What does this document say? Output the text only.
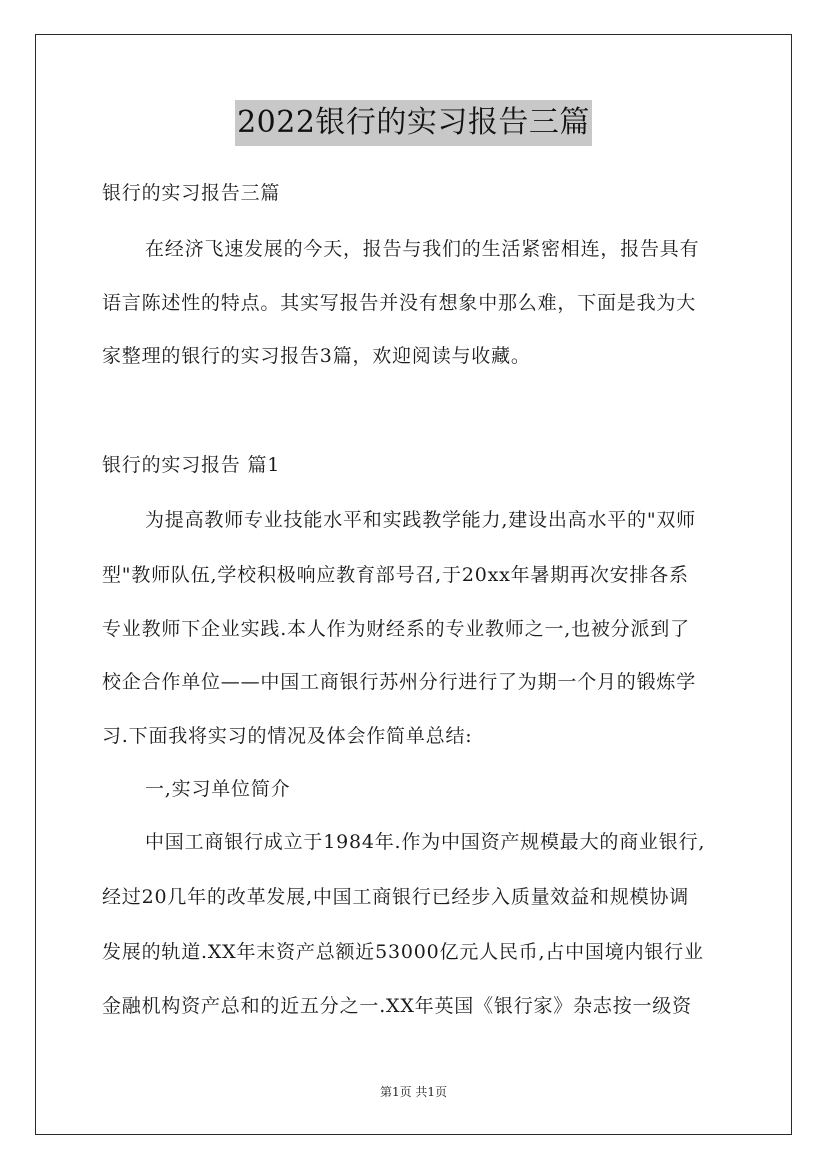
2022银行的实习报告三篇
银行的实习报告三篇
在经济飞速发展的今天，报告与我们的生活紧密相连，报告具有
语言陈述性的特点。其实写报告并没有想象中那么难，下面是我为大
家整理的银行的实习报告3篇，欢迎阅读与收藏。
银行的实习报告 篇1
为提高教师专业技能水平和实践教学能力,建设出高水平的"双师
型"教师队伍,学校积极响应教育部号召,于20xx年暑期再次安排各系
专业教师下企业实践.本人作为财经系的专业教师之一,也被分派到了
校企合作单位——中国工商银行苏州分行进行了为期一个月的锻炼学
习.下面我将实习的情况及体会作简单总结:
一,实习单位简介
中国工商银行成立于1984年.作为中国资产规模最大的商业银行,
经过20几年的改革发展,中国工商银行已经步入质量效益和规模协调
发展的轨道.XX年末资产总额近53000亿元人民币,占中国境内银行业
金融机构资产总和的近五分之一.XX年英国《银行家》杂志按一级资
第1页 共1页
